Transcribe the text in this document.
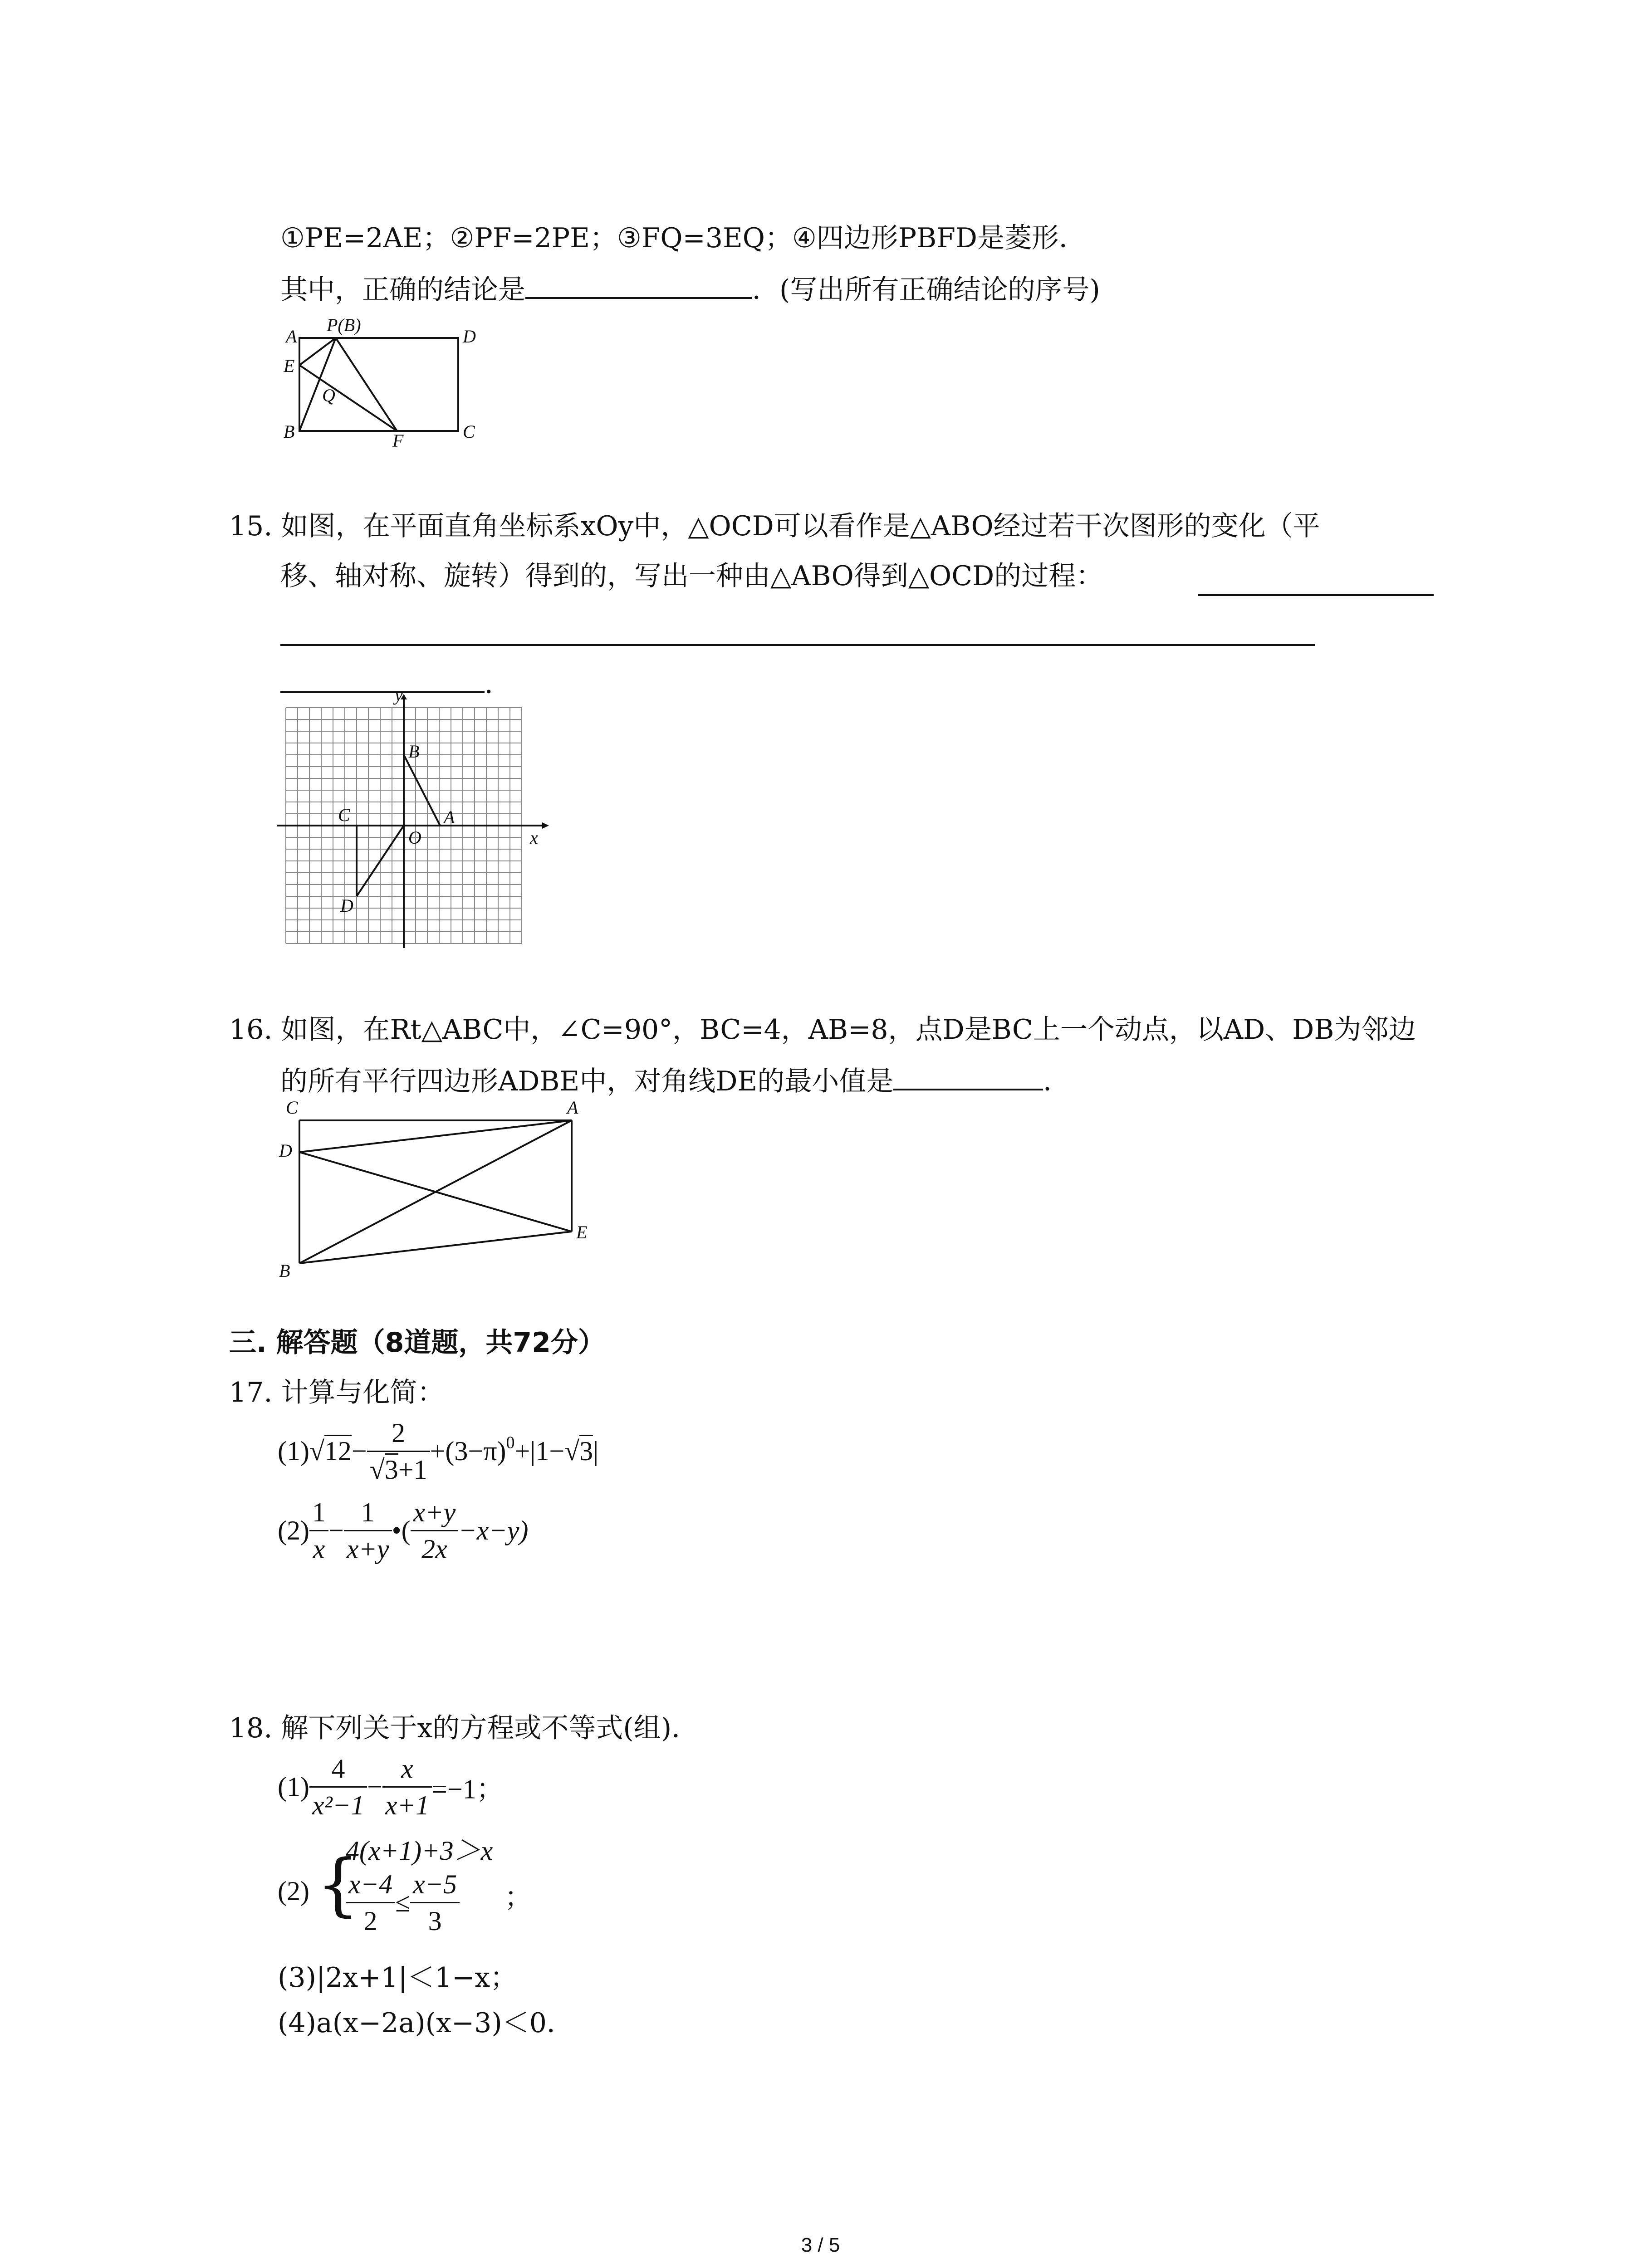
①PE=2AE；②PF=2PE；③FQ=3EQ；④四边形PBFD是菱形．
其中，正确的结论是	．(写出所有正确结论的序号)
A
P(B)
D
E
Q
B	F	C
15. 如图，在平面直角坐标系xOy中，△OCD可以看作是△ABO经过若干次图形的变化（平
移、轴对称、旋转）得到的，写出一种由△ABO得到△OCD的过程：
．
y
x
B
A
C
O
D
16. 如图，在Rt△ABC中，∠C=90°，BC=4，AB=8，点D是BC上一个动点，以AD、DB为邻边
的所有平行四边形ADBE中，对角线DE的最小值是	．
C	A
D
E
B
三. 解答题（8道题，共72分）
17. 计算与化简：
$(1)√12- \frac{2}{√3+1} +(3-\pi)^0+|1-√3|$
$(2) \frac{1}{x} - \frac{1}{x+y}$ •( $\frac{x+y}{2x} -x-y$)
18. 解下列关于x的方程或不等式(组)．
$(1) \frac{4}{\text{x²−1}} - \frac{x}{x+1} =-1$；
(2) {
4(x+1)+3＞x
$\frac{x-4}{2} \le \frac{x-5}{3}$ ；
(3)|2x+1|＜1−x；
(4)a(x−2a)(x−3)＜0．
3 / 5
